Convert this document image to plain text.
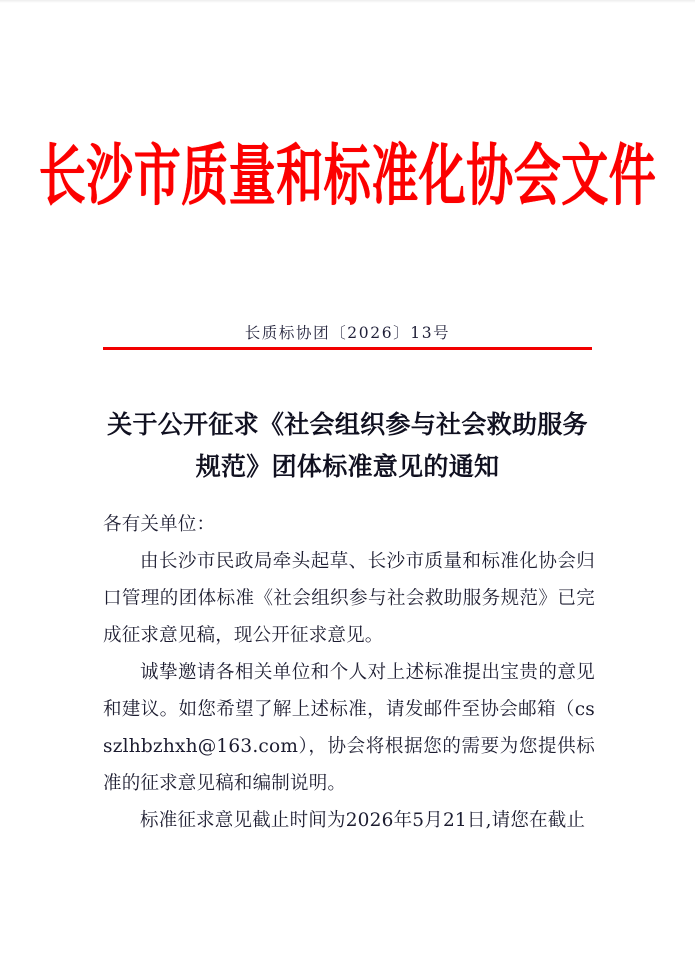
长沙市质量和标准化协会文件
长质标协团〔2026〕13号
关于公开征求《社会组织参与社会救助服务
规范》团体标准意见的通知

各有关单位：

由长沙市民政局牵头起草、长沙市质量和标准化协会归口管理的团体标准《社会组织参与社会救助服务规范》已完成征求意见稿，现公开征求意见。

诚挚邀请各相关单位和个人对上述标准提出宝贵的意见和建议。如您希望了解上述标准，请发邮件至协会邮箱（csszlhbzhxh@163.com），协会将根据您的需要为您提供标准的征求意见稿和编制说明。

标准征求意见截止时间为2026年5月21日,请您在截止
